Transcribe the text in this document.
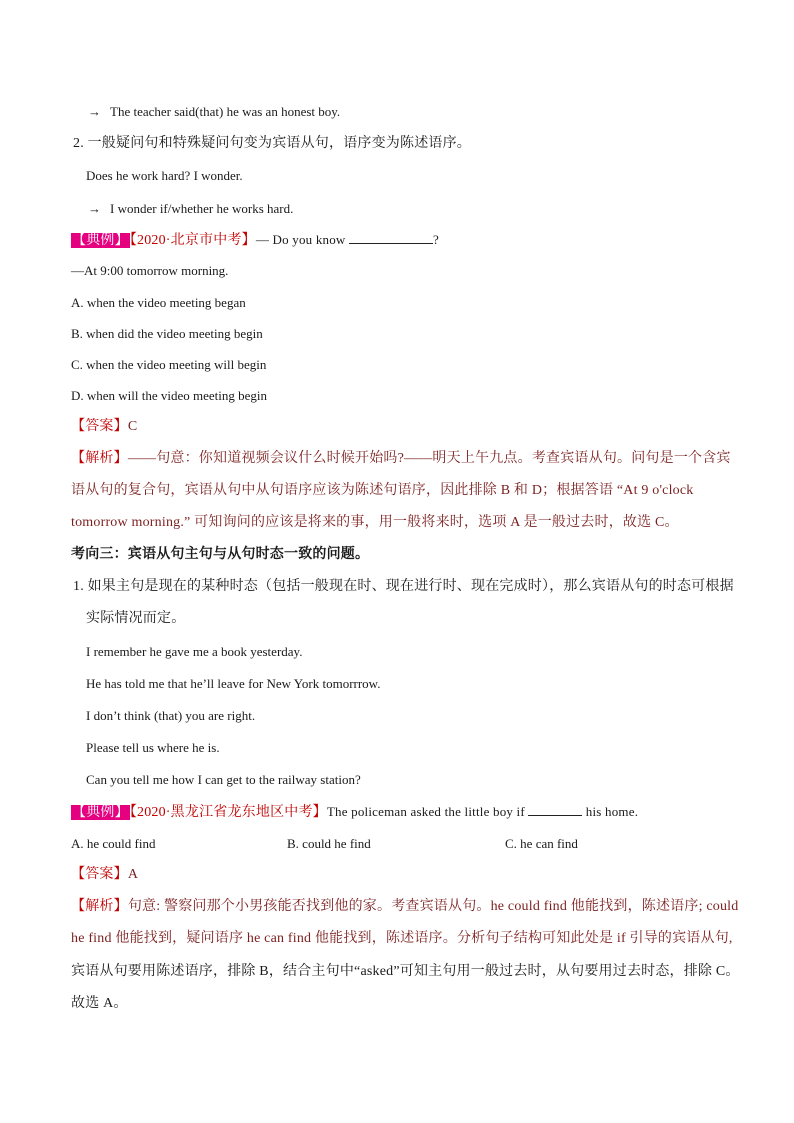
→ The teacher said(that) he was an honest boy.
2. 一般疑问句和特殊疑问句变为宾语从句，语序变为陈述语序。
Does he work hard? I wonder.
→ I wonder if/whether he works hard.
【典例】【2020·北京市中考】— Do you know	?
—At 9:00 tomorrow morning.
A. when the video meeting began
B. when did the video meeting begin
C. when the video meeting will begin
D. when will the video meeting begin
【答案】C
【解析】——句意：你知道视频会议什么时候开始吗?——明天上午九点。考查宾语从句。问句是一个含宾
语从句的复合句，宾语从句中从句语序应该为陈述句语序，因此排除 B 和 D；根据答语 “At 9 o'clock
tomorrow morning.” 可知询问的应该是将来的事，用一般将来时，选项 A 是一般过去时，故选 C。
考向三：宾语从句主句与从句时态一致的问题。
1. 如果主句是现在的某种时态（包括一般现在时、现在进行时、现在完成时），那么宾语从句的时态可根据
实际情况而定。
I remember he gave me a book yesterday.
He has told me that he’ll leave for New York tomorrrow.
I don’t think (that) you are right.
Please tell us where he is.
Can you tell me how I can get to the railway station?
【典例】【2020·黑龙江省龙东地区中考】The policeman asked the little boy if	his home.
A. he could find	B. could he find	C. he can find
【答案】A
【解析】句意: 警察问那个小男孩能否找到他的家。考查宾语从句。he could find 他能找到，陈述语序; could
he find 他能找到，疑问语序 he can find 他能找到，陈述语序。分析句子结构可知此处是 if 引导的宾语从句,
宾语从句要用陈述语序，排除 B，结合主句中“asked”可知主句用一般过去时，从句要用过去时态，排除 C。
故选 A。
